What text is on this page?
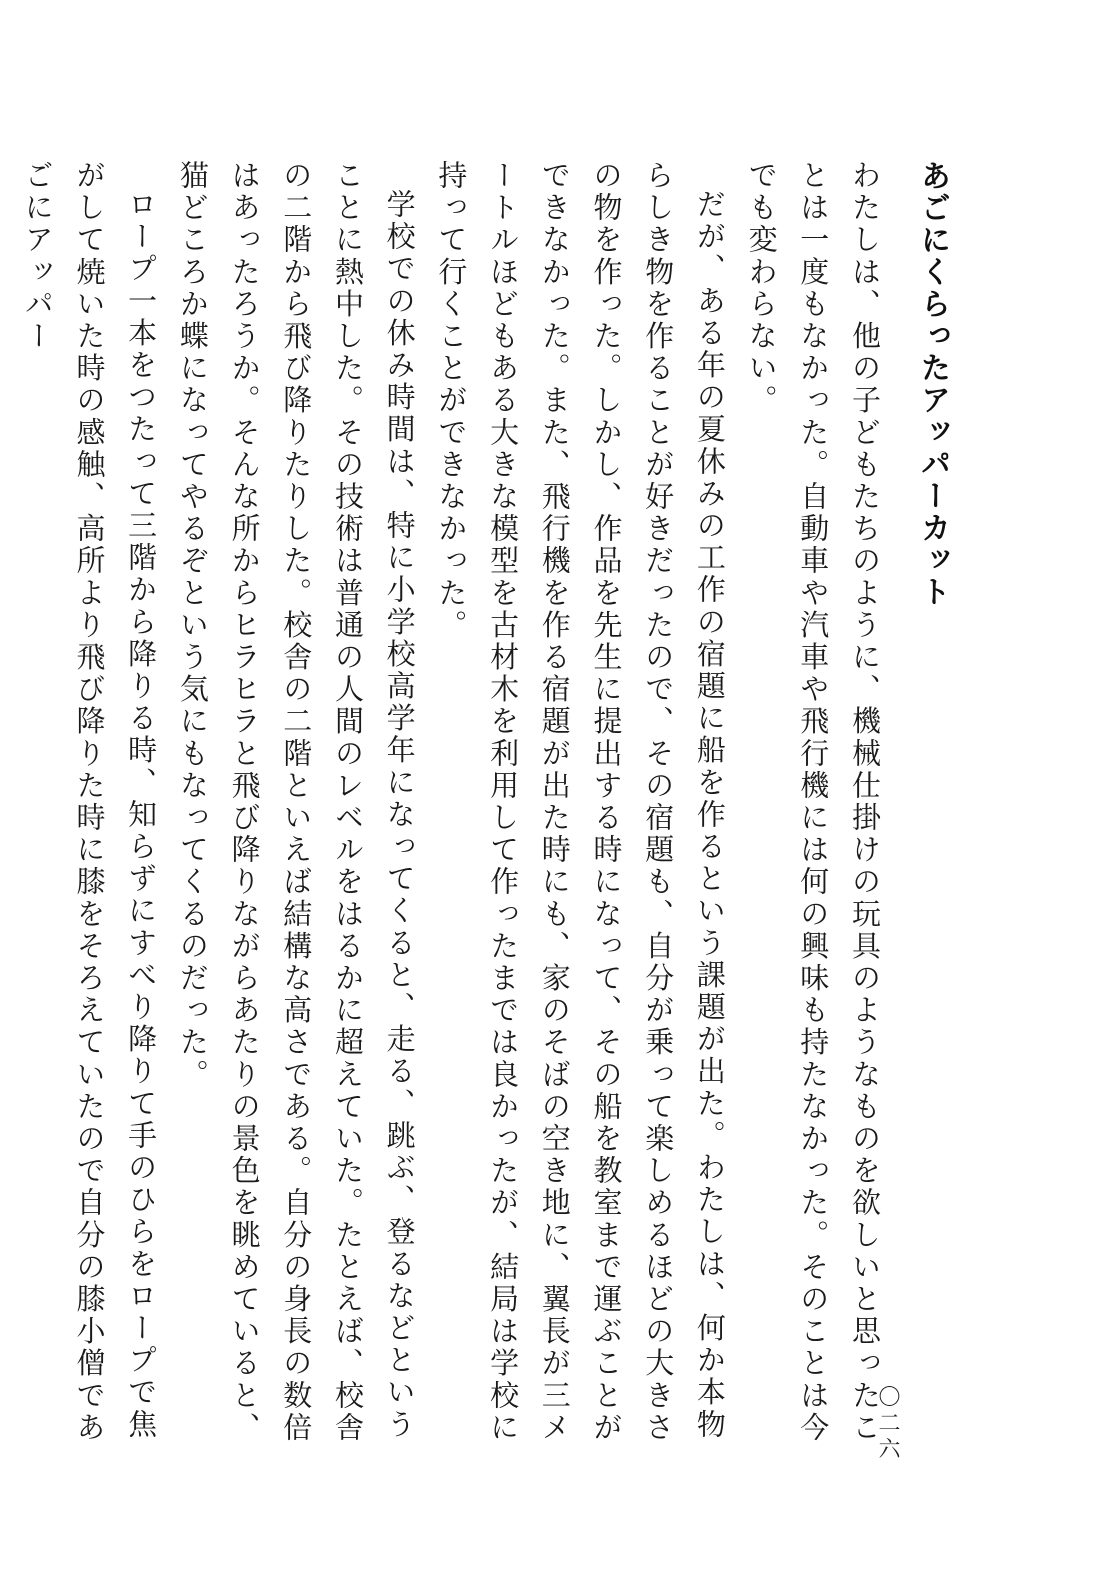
あごにくらったアッパーカット

わたしは、他の子どもたちのように、機械仕掛けの玩具のようなものを欲しいと思ったことは一度もなかった。自動車や汽車や飛行機には何の興味も持たなかった。そのことは今でも変わらない。

だが、ある年の夏休みの工作の宿題に船を作るという課題が出た。わたしは、何か本物らしき物を作ることが好きだったので、その宿題も、自分が乗って楽しめるほどの大きさの物を作った。しかし、作品を先生に提出する時になって、その船を教室まで運ぶことができなかった。また、飛行機を作る宿題が出た時にも、家のそばの空き地に、翼長が三メートルほどもある大きな模型を古材木を利用して作ったまでは良かったが、結局は学校に持って行くことができなかった。

学校での休み時間は、特に小学校高学年になってくると、走る、跳ぶ、登るなどということに熱中した。その技術は普通の人間のレベルをはるかに超えていた。たとえば、校舎の二階から飛び降りたりした。校舎の二階といえば結構な高さである。自分の身長の数倍はあったろうか。そんな所からヒラヒラと飛び降りながらあたりの景色を眺めていると、猫どころか蝶になってやるぞという気にもなってくるのだった。

ロープ一本をつたって三階から降りる時、知らずにすべり降りて手のひらをロープで焦がして焼いた時の感触、高所より飛び降りた時に膝をそろえていたので自分の膝小僧であごにアッパー

〇二六
